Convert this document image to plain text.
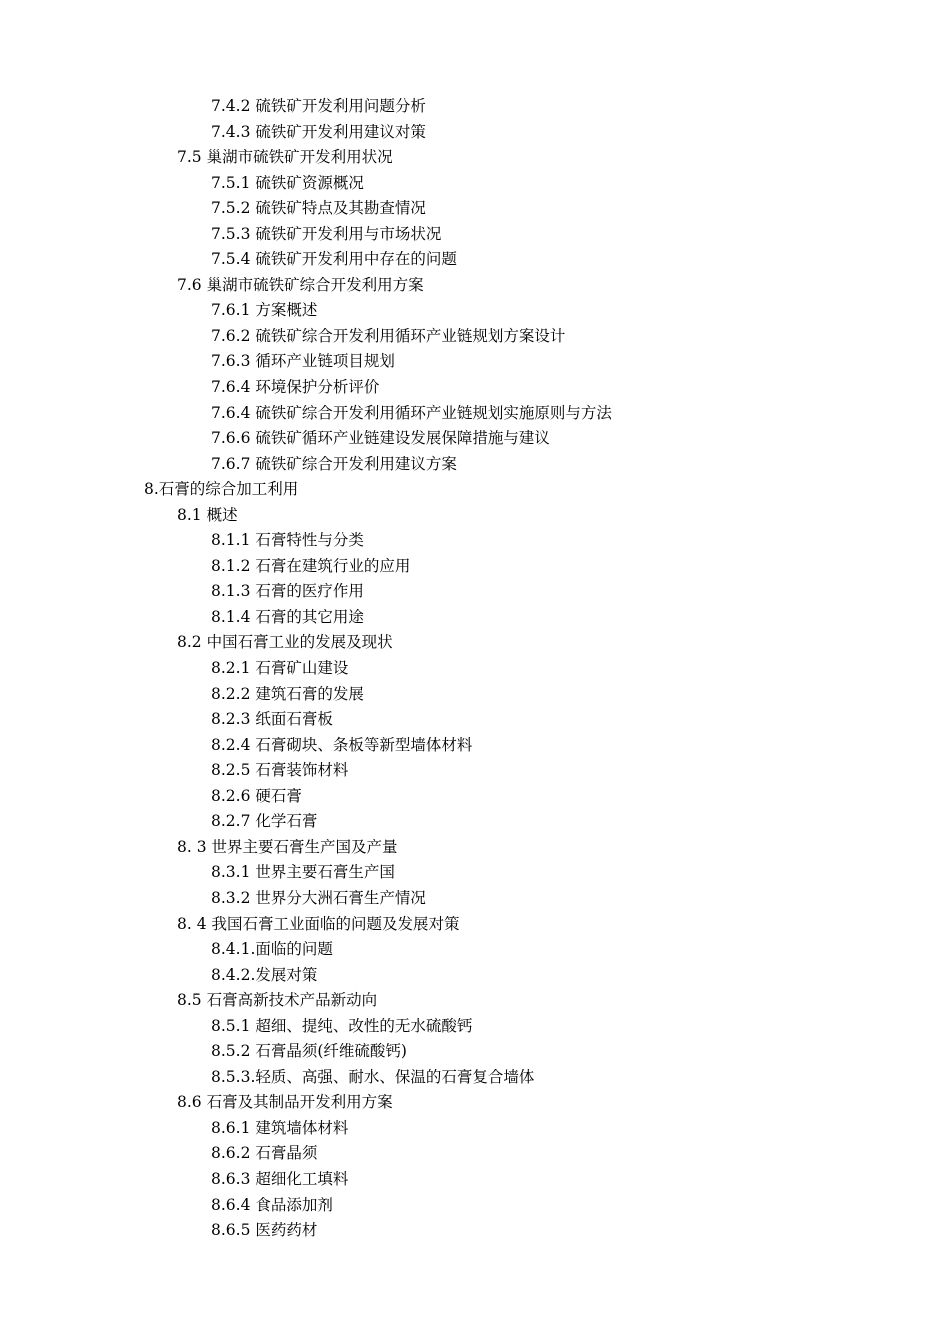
7.4.2 硫铁矿开发利用问题分析
7.4.3 硫铁矿开发利用建议对策
7.5 巢湖市硫铁矿开发利用状况
7.5.1 硫铁矿资源概况
7.5.2 硫铁矿特点及其勘查情况
7.5.3 硫铁矿开发利用与市场状况
7.5.4 硫铁矿开发利用中存在的问题
7.6 巢湖市硫铁矿综合开发利用方案
7.6.1 方案概述
7.6.2 硫铁矿综合开发利用循环产业链规划方案设计
7.6.3 循环产业链项目规划
7.6.4 环境保护分析评价
7.6.4 硫铁矿综合开发利用循环产业链规划实施原则与方法
7.6.6 硫铁矿循环产业链建设发展保障措施与建议
7.6.7 硫铁矿综合开发利用建议方案
8.石膏的综合加工利用
8.1 概述
8.1.1 石膏特性与分类
8.1.2 石膏在建筑行业的应用
8.1.3 石膏的医疗作用
8.1.4 石膏的其它用途
8.2 中国石膏工业的发展及现状
8.2.1 石膏矿山建设
8.2.2 建筑石膏的发展
8.2.3 纸面石膏板
8.2.4 石膏砌块、条板等新型墙体材料
8.2.5 石膏装饰材料
8.2.6 硬石膏
8.2.7 化学石膏
8. 3 世界主要石膏生产国及产量
8.3.1 世界主要石膏生产国
8.3.2 世界分大洲石膏生产情况
8. 4 我国石膏工业面临的问题及发展对策
8.4.1.面临的问题
8.4.2.发展对策
8.5 石膏高新技术产品新动向
8.5.1 超细、提纯、改性的无水硫酸钙
8.5.2 石膏晶须(纤维硫酸钙)
8.5.3.轻质、高强、耐水、保温的石膏复合墙体
8.6 石膏及其制品开发利用方案
8.6.1 建筑墙体材料
8.6.2 石膏晶须
8.6.3 超细化工填料
8.6.4 食品添加剂
8.6.5 医药药材
